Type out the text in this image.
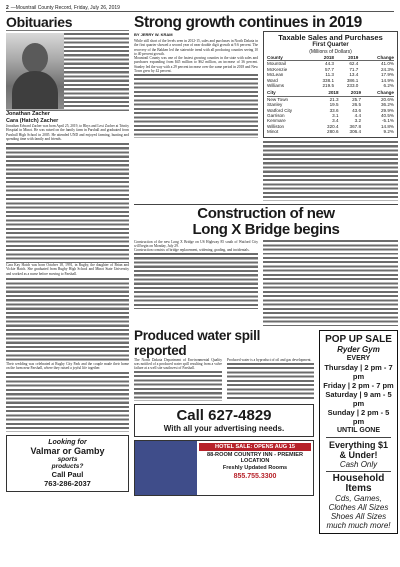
2 —Mountrail County Record, Friday, July 26, 2019
Obituaries
Jonathan Zacher
Cara (Hatch) Zacher

Jonathan Edward Zacher was born April 25, 2019, to Rhys and Lexi Zacher at Trinity Hospital in Minot. He was raised on the family farm in Parshall and graduated from Parshall High School in 2005. He attended UND and enjoyed farming, hunting and spending time with family and friends.

Cara Kay Hatch was born October 18, 1991, in Rugby, the daughter of Brian and Vickie Hatch. She graduated from Rugby High School and Minot State University and worked as a nurse before moving to Parshall.

Their wedding was celebrated at Rugby City Park and the couple made their home on the farm near Parshall, where they raised a joyful life together.

Looking for
Valmar or Gamby
sports
products?
Call Paul
763-286-2037
Strong growth continues in 2019
BY JERRY W. KRAM

While still short of the levels seen in 2012-15, sales and purchases in North Dakota in the first quarter showed a second year of near double digit growth at 9.6 percent. The recovery of the Bakken led the statewide trend with all producing counties seeing 10 to 40 percent growth.

Mountrail County was one of the fastest growing counties in the state with sales and purchases expanding from $45 million to $62 million, an increase of 36 percent. Stanley led the way with a 29 percent increase over the same period in 2018 and New Town grew by 42 percent.

Taxable Sales and Purchases
First Quarter
(Millions of Dollars)
County	2018	2019	Change
Mountrail	44.3	62.4	41.0%
McKenzie	57.7	71.7	24.3%
McLean	11.3	13.4	17.9%
Ward	338.1	386.1	14.9%
Williams	219.5	233.0	6.2%
City	2018	2019	Change
New Town	21.3	25.7	20.6%
Stanley	19.5	26.5	36.2%
Watford City	33.6	43.6	29.9%
Garrison	3.1	4.4	40.5%
Kenmare	3.4	3.2	-5.1%
Williston	320.4	367.8	14.8%
Minot	280.6	306.4	9.2%
Construction of new
Long X Bridge begins

Construction of the new Long X Bridge on US Highway 85 south of Watford City will begin on Monday, July 29.

Construction consists of bridge replacement, widening, grading, and incidentals.

Produced water spill reported

The North Dakota Department of Environmental Quality was notified of a produced water spill resulting from a valve failure at a well site southwest of Parshall.

Produced water is a byproduct of oil and gas development.

Call 627-4829
With all your advertising needs.
HOTEL SALE: OPENS AUG 15
88-ROOM COUNTRY INN - PREMIER LOCATION
Freshly Updated Rooms
855.755.3300
POP UP SALE
Ryder Gym
EVERY
Thursday | 2 pm - 7 pm
Friday | 2 pm - 7 pm
Saturday | 9 am - 5 pm
Sunday | 2 pm - 5 pm
UNTIL GONE
Everything $1
& Under!
Cash Only
Household Items
Cds, Games,
Clothes All Sizes
Shoes All Sizes
much much more!
